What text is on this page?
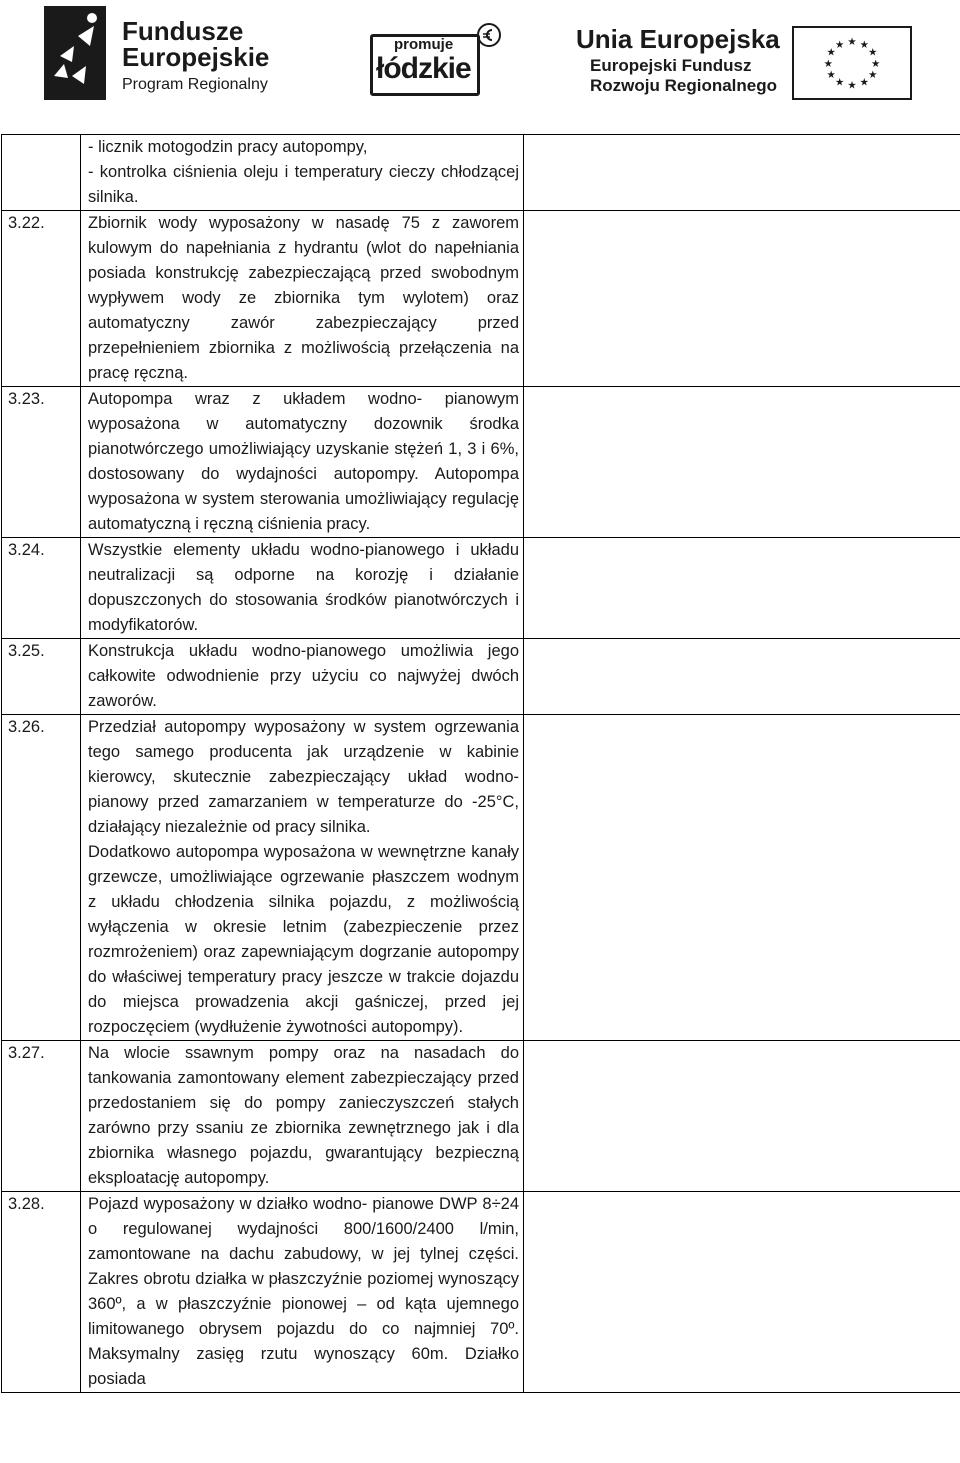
Fundusze
Europejskie
Program Regionalny
promuje
łódzkie
Unia Europejska
Europejski Fundusz
Rozwoju Regionalnego
★ ★
★
★
★
★
★
★
★
★
★
★

	- licznik motogodzin pracy autopompy,

- kontrolka ciśnienia oleju i temperatury cieczy chłodzącej silnika.	

3.22.	Zbiornik wody wyposażony w nasadę 75 z zaworem kulowym do napełniania z hydrantu (wlot do napełniania posiada konstrukcję zabezpieczającą przed swobodnym wypływem wody ze zbiornika tym wylotem) oraz automatyczny zawór zabezpieczający przed przepełnieniem zbiornika z możliwością przełączenia na pracę ręczną.	

3.23.	Autopompa wraz z układem wodno- pianowym wyposażona w automatyczny dozownik środka pianotwórczego umożliwiający uzyskanie stężeń 1, 3 i 6%, dostosowany do wydajności autopompy. Autopompa wyposażona w system sterowania umożliwiający regulację automatyczną i ręczną ciśnienia pracy.	

3.24.	Wszystkie elementy układu wodno-pianowego i układu neutralizacji są odporne na korozję i działanie dopuszczonych do stosowania środków pianotwórczych i modyfikatorów.	

3.25.	Konstrukcja układu wodno-pianowego umożliwia jego całkowite odwodnienie przy użyciu co najwyżej dwóch zaworów.	

3.26.	Przedział autopompy wyposażony w system ogrzewania tego samego producenta jak urządzenie w kabinie kierowcy, skutecznie zabezpieczający układ wodno-pianowy przed zamarzaniem w temperaturze do -25°C, działający niezależnie od pracy silnika.

Dodatkowo autopompa wyposażona w wewnętrzne kanały grzewcze, umożliwiające ogrzewanie płaszczem wodnym z układu chłodzenia silnika pojazdu, z możliwością wyłączenia w okresie letnim (zabezpieczenie przez rozmrożeniem) oraz zapewniającym dogrzanie autopompy do właściwej temperatury pracy jeszcze w trakcie dojazdu do miejsca prowadzenia akcji gaśniczej, przed jej rozpoczęciem (wydłużenie żywotności autopompy).	

3.27.	Na wlocie ssawnym pompy oraz na nasadach do tankowania zamontowany element zabezpieczający przed przedostaniem się do pompy zanieczyszczeń stałych zarówno przy ssaniu ze zbiornika zewnętrznego jak i dla zbiornika własnego pojazdu, gwarantujący bezpieczną eksploatację autopompy.	

3.28.	Pojazd wyposażony w działko wodno- pianowe DWP 8÷24 o regulowanej wydajności 800/1600/2400 l/min, zamontowane na dachu zabudowy, w jej tylnej części. Zakres obrotu działka w płaszczyźnie poziomej wynoszący 360º, a w płaszczyźnie pionowej – od kąta ujemnego limitowanego obrysem pojazdu do co najmniej 70º. Maksymalny zasięg rzutu wynoszący 60m. Działko posiada	
